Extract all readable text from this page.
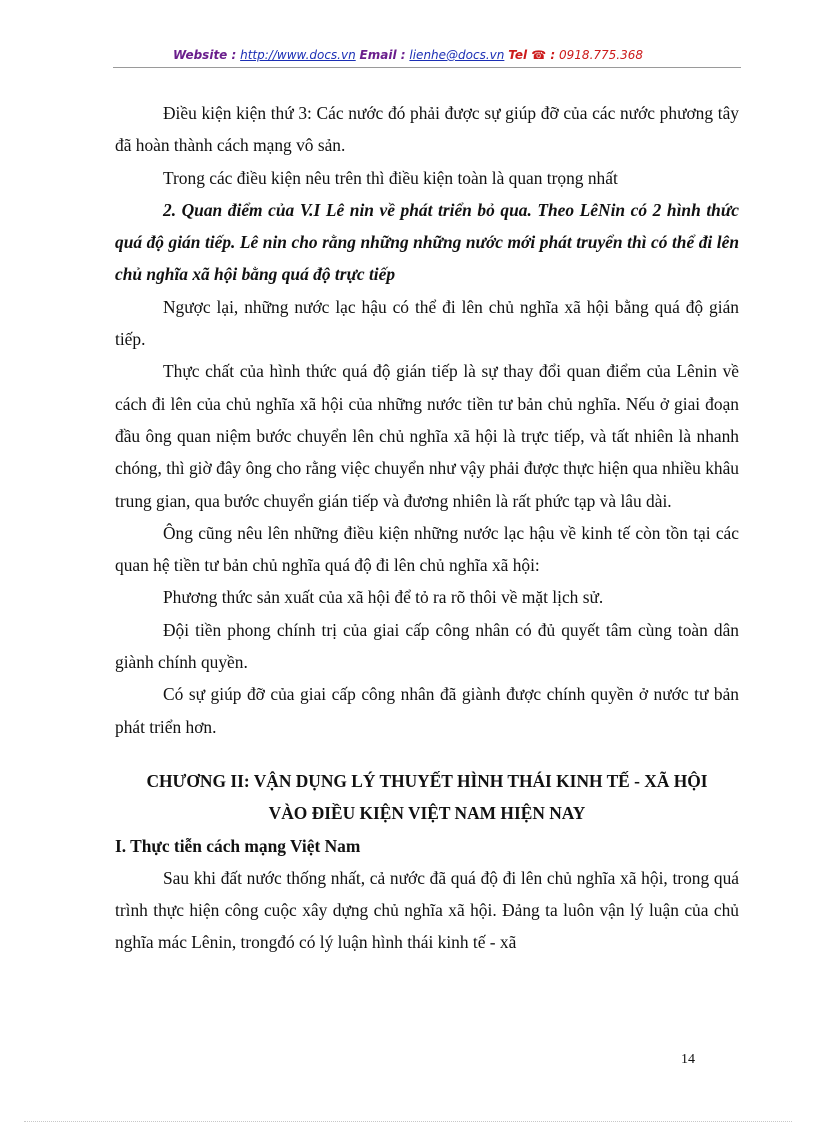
Website : http://www.docs.vn Email : lienhe@docs.vn Tel ☎ : 0918.775.368

Điều kiện kiện thứ 3: Các nước đó phải được sự giúp đỡ của các nước phương tây đã hoàn thành cách mạng vô sản.

Trong các điều kiện nêu trên thì điều kiện toàn là quan trọng nhất

2. Quan điểm của V.I Lê nin về phát triển bỏ qua. Theo LêNin có 2 hình thức quá độ gián tiếp. Lê nin cho rằng những những nước mới phát truyển thì có thể đi lên chủ nghĩa xã hội bằng quá độ trực tiếp

Ngược lại, những nước lạc hậu có thể đi lên chủ nghĩa xã hội bằng quá độ gián tiếp.

Thực chất của hình thức quá độ gián tiếp là sự thay đổi quan điểm của Lênin về cách đi lên của chủ nghĩa xã hội của những nước tiền tư bản chủ nghĩa. Nếu ở giai đoạn đầu ông quan niệm bước chuyển lên chủ nghĩa xã hội là trực tiếp, và tất nhiên là nhanh chóng, thì giờ đây ông cho rằng việc chuyển như vậy phải được thực hiện qua nhiều khâu trung gian, qua bước chuyển gián tiếp và đương nhiên là rất phức tạp và lâu dài.

Ông cũng nêu lên những điều kiện những nước lạc hậu về kinh tế còn tồn tại các quan hệ tiền tư bản chủ nghĩa quá độ đi lên chủ nghĩa xã hội:

Phương thức sản xuất của xã hội để tỏ ra rõ thôi về mặt lịch sử.

Đội tiền phong chính trị của giai cấp công nhân có đủ quyết tâm cùng toàn dân giành chính quyền.

Có sự giúp đỡ của giai cấp công nhân đã giành được chính quyền ở nước tư bản phát triển hơn.

CHƯƠNG II: VẬN DỤNG LÝ THUYẾT HÌNH THÁI KINH TẾ - XÃ HỘI
VÀO ĐIỀU KIỆN VIỆT NAM HIỆN NAY

I. Thực tiễn cách mạng Việt Nam

Sau khi đất nước thống nhất, cả nước đã quá độ đi lên chủ nghĩa xã hội, trong quá trình thực hiện công cuộc xây dựng chủ nghĩa xã hội. Đảng ta luôn vận lý luận của chủ nghĩa mác Lênin, trongđó có lý luận hình thái kinh tế - xã

14
